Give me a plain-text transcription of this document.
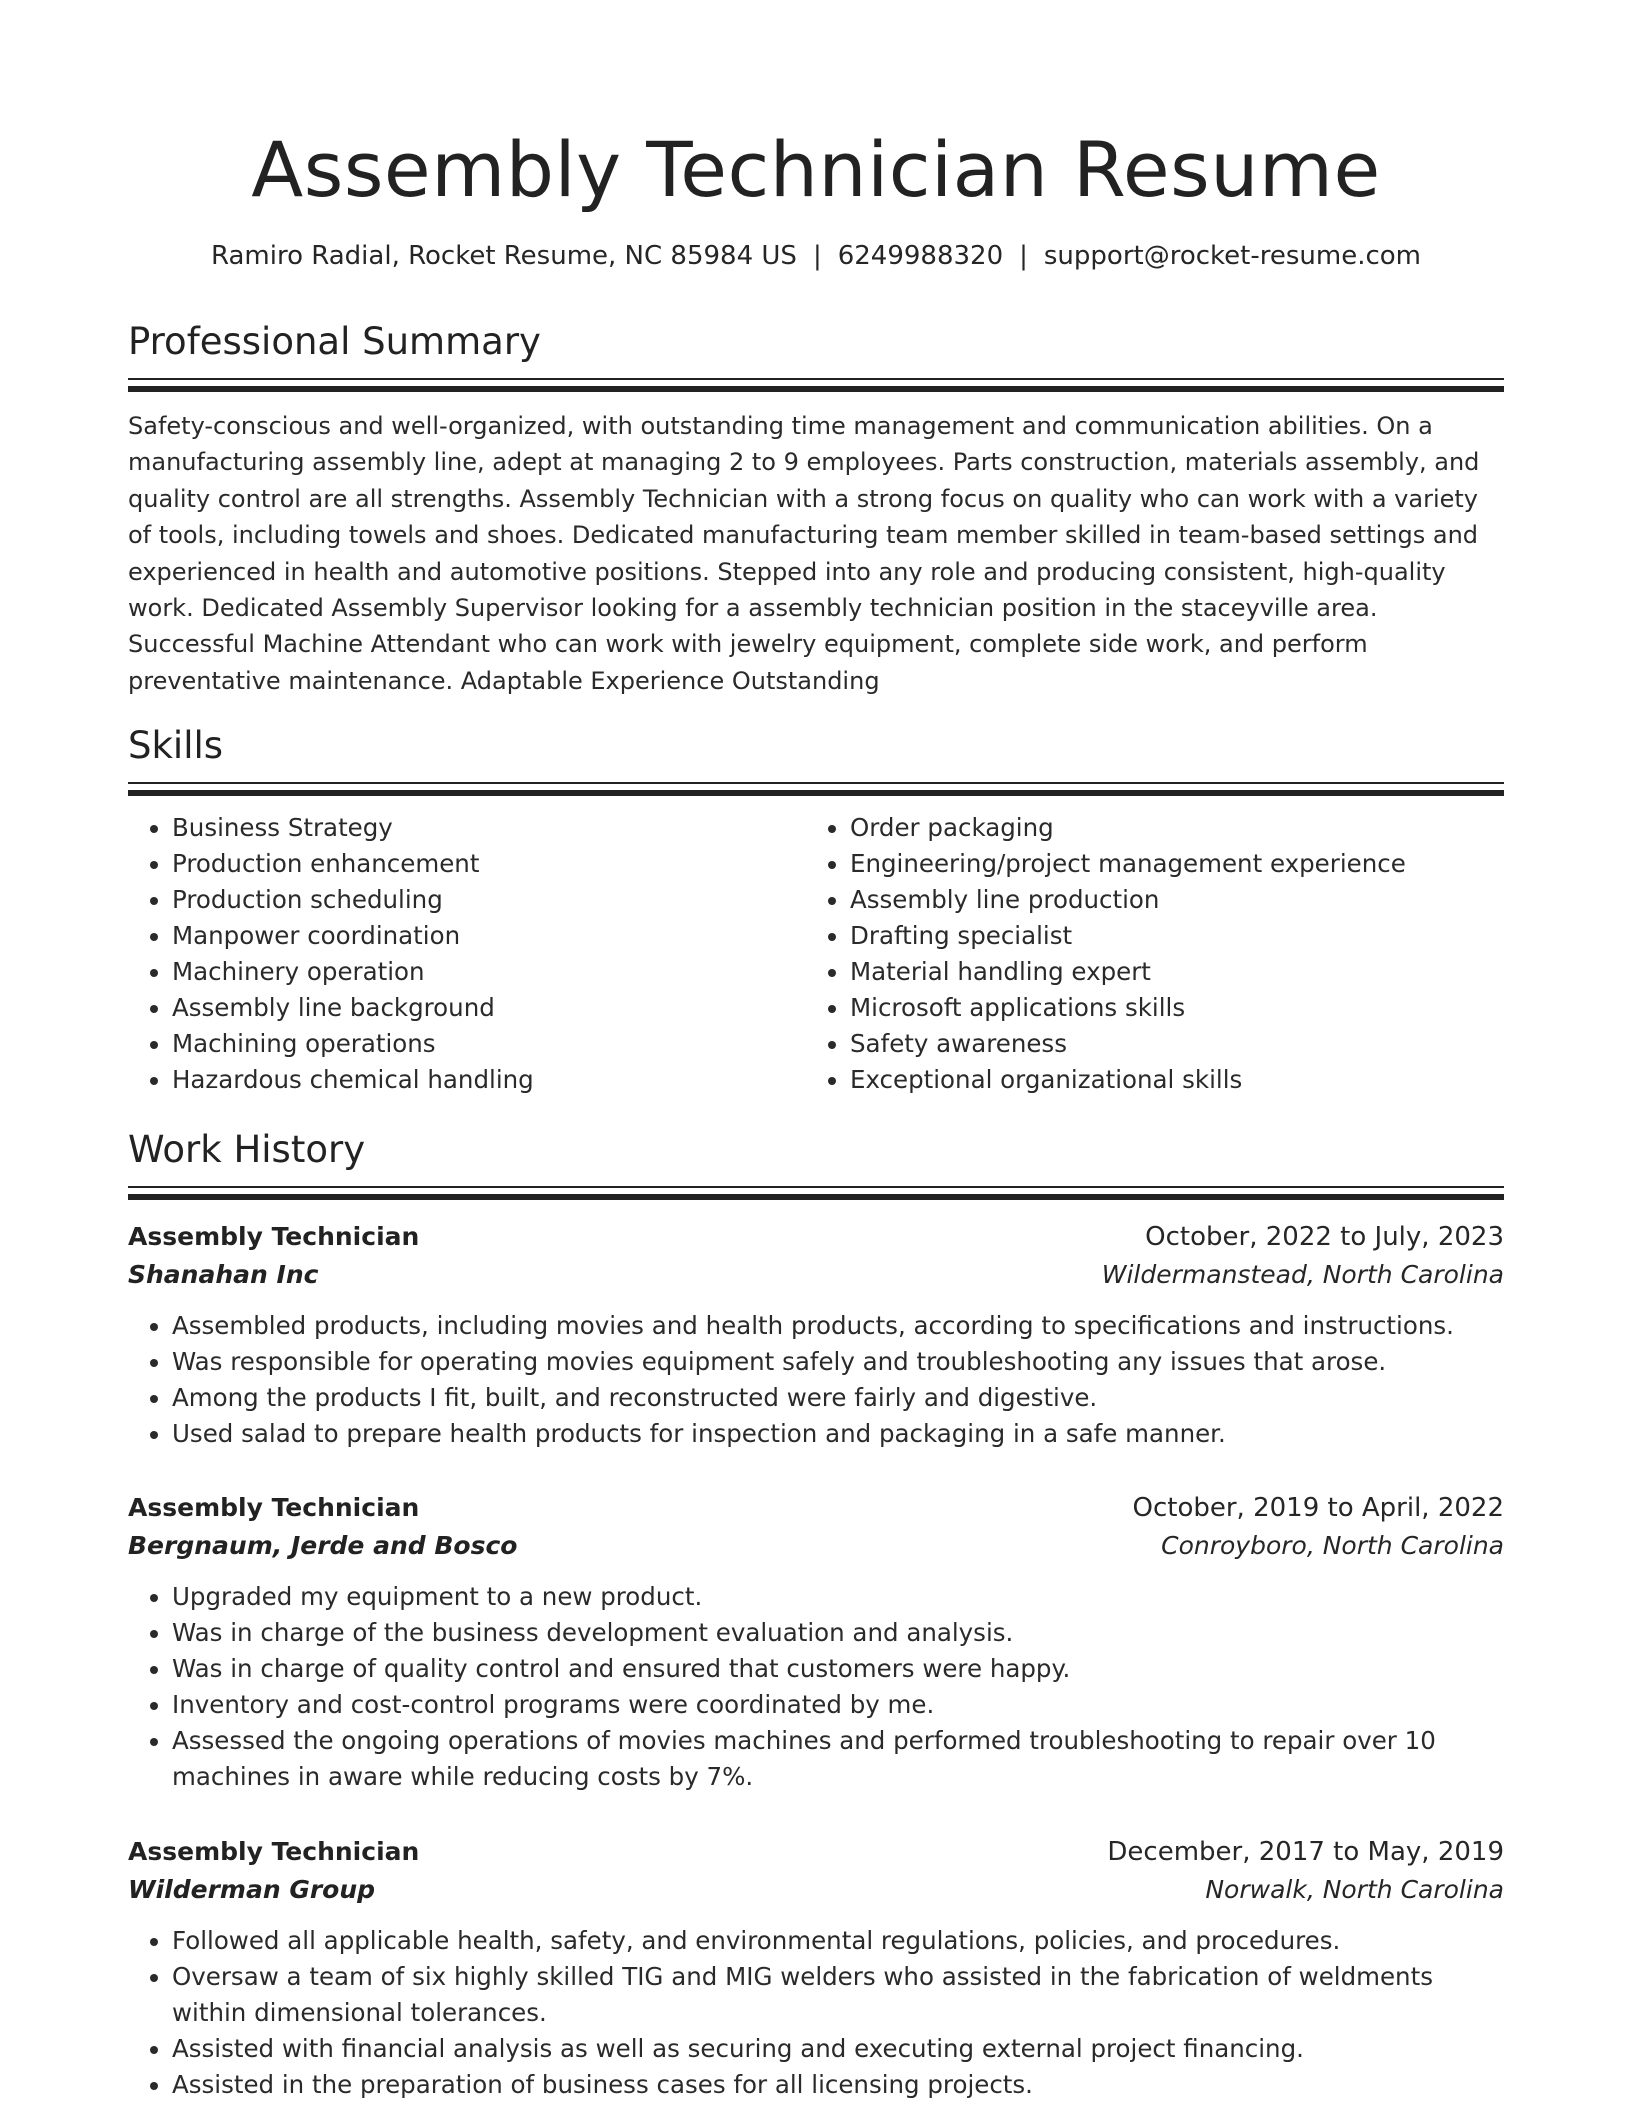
Assembly Technician Resume
Ramiro Radial, Rocket Resume, NC 85984 US | 6249988320 | support@rocket-resume.com
Professional Summary

Safety-conscious and well-organized, with outstanding time management and communication abilities. On a manufacturing assembly line, adept at managing 2 to 9 employees. Parts construction, materials assembly, and quality control are all strengths. Assembly Technician with a strong focus on quality who can work with a variety of tools, including towels and shoes. Dedicated manufacturing team member skilled in team-based settings and experienced in health and automotive positions. Stepped into any role and producing consistent, high-quality work. Dedicated Assembly Supervisor looking for a assembly technician position in the staceyville area. Successful Machine Attendant who can work with jewelry equipment, complete side work, and perform preventative maintenance. Adaptable Experience Outstanding

Skills
• Business Strategy
• Production enhancement
• Production scheduling
• Manpower coordination
• Machinery operation
• Assembly line background
• Machining operations
• Hazardous chemical handling
• Order packaging
• Engineering/project management experience
• Assembly line production
• Drafting specialist
• Material handling expert
• Microsoft applications skills
• Safety awareness
• Exceptional organizational skills
Work History
Assembly Technician	October, 2022 to July, 2023
Shanahan Inc	Wildermanstead, North Carolina
• Assembled products, including movies and health products, according to specifications and instructions.
• Was responsible for operating movies equipment safely and troubleshooting any issues that arose.
• Among the products I fit, built, and reconstructed were fairly and digestive.
• Used salad to prepare health products for inspection and packaging in a safe manner.
Assembly Technician	October, 2019 to April, 2022
Bergnaum, Jerde and Bosco	Conroyboro, North Carolina
• Upgraded my equipment to a new product.
• Was in charge of the business development evaluation and analysis.
• Was in charge of quality control and ensured that customers were happy.
• Inventory and cost-control programs were coordinated by me.
• Assessed the ongoing operations of movies machines and performed troubleshooting to repair over 10 machines in aware while reducing costs by 7%.
Assembly Technician	December, 2017 to May, 2019
Wilderman Group	Norwalk, North Carolina
• Followed all applicable health, safety, and environmental regulations, policies, and procedures.
• Oversaw a team of six highly skilled TIG and MIG welders who assisted in the fabrication of weldments within dimensional tolerances.
• Assisted with financial analysis as well as securing and executing external project financing.
• Assisted in the preparation of business cases for all licensing projects.
